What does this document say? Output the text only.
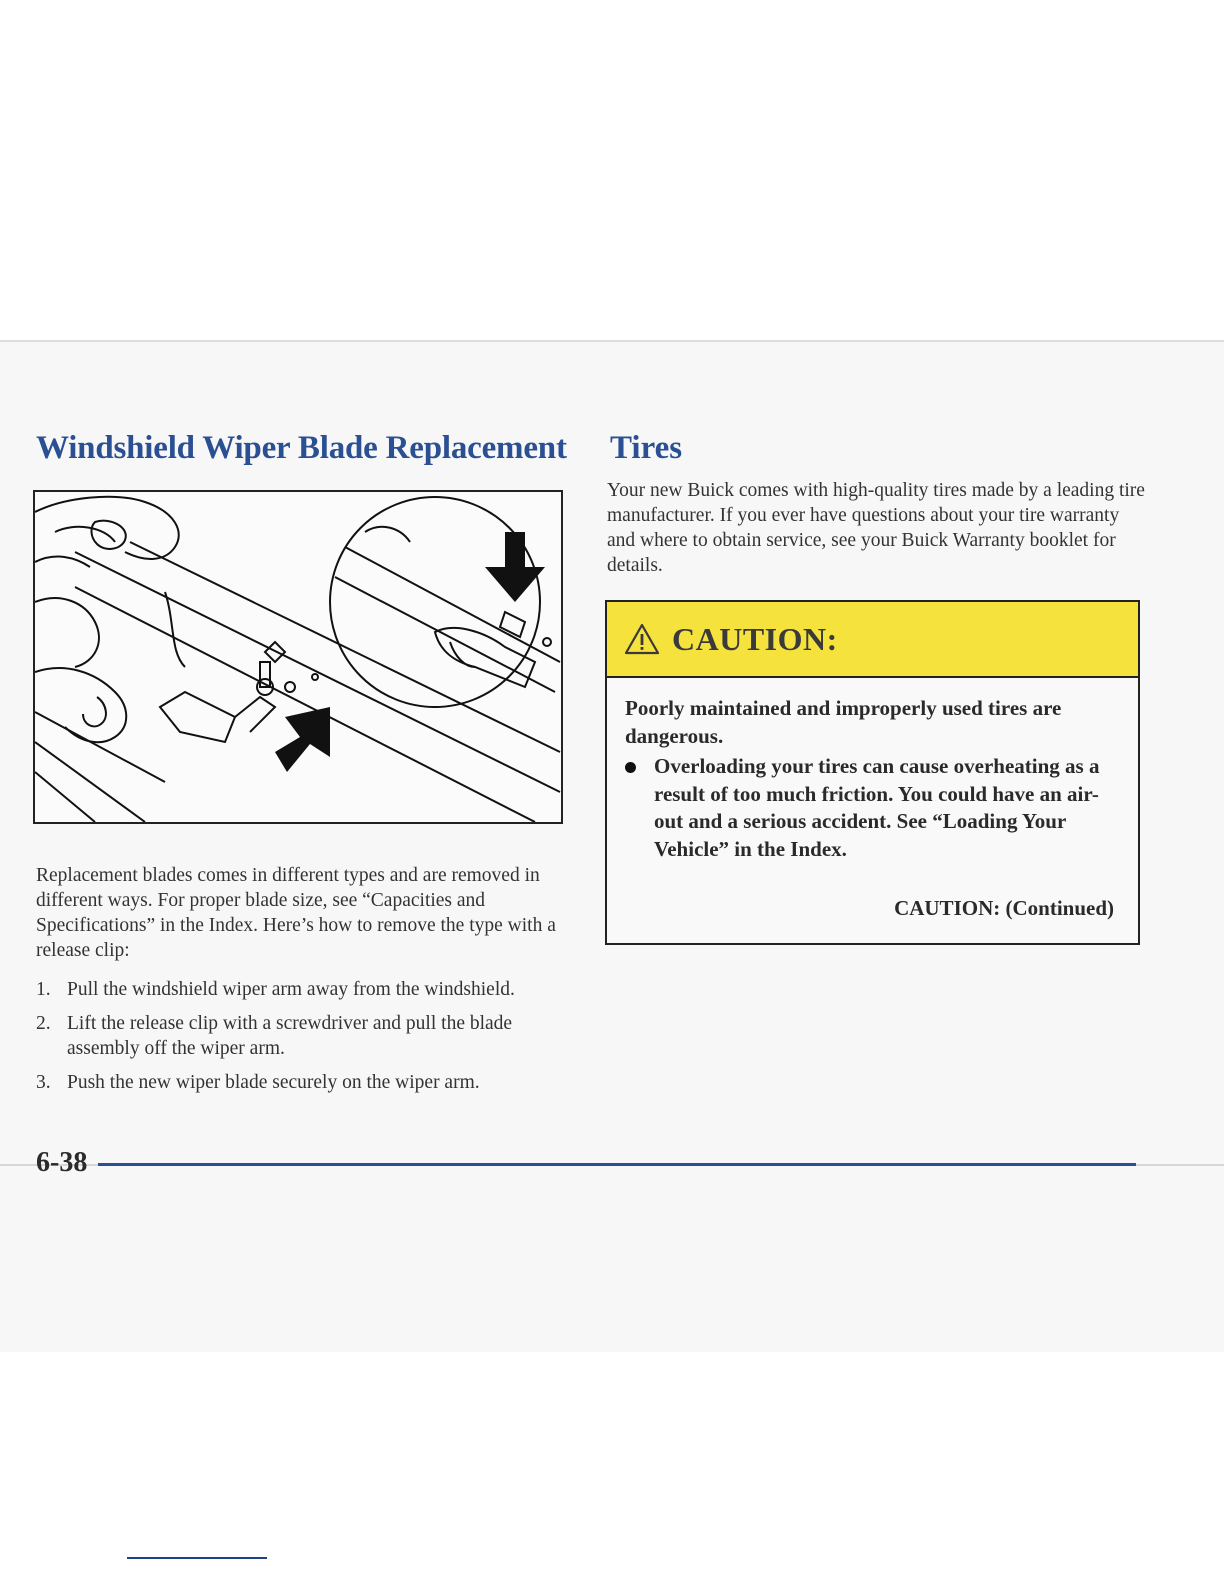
Windshield Wiper Blade Replacement Tires

Replacement blades comes in different types and are removed in different ways. For proper blade size, see “Capacities and Specifications” in the Index. Here’s how to remove the type with a release clip:

1. Pull the windshield wiper arm away from the windshield.
2. Lift the release clip with a screwdriver and pull the blade assembly off the wiper arm.
3. Push the new wiper blade securely on the wiper arm.

Your new Buick comes with high-quality tires made by a leading tire manufacturer. If you ever have questions about your tire warranty and where to obtain service, see your Buick Warranty booklet for details.

CAUTION:

Poorly maintained and improperly used tires are dangerous.

Overloading your tires can cause overheating as a result of too much friction. You could have an air-out and a serious accident. See “Loading Your Vehicle” in the Index.

CAUTION: (Continued)

6-38
